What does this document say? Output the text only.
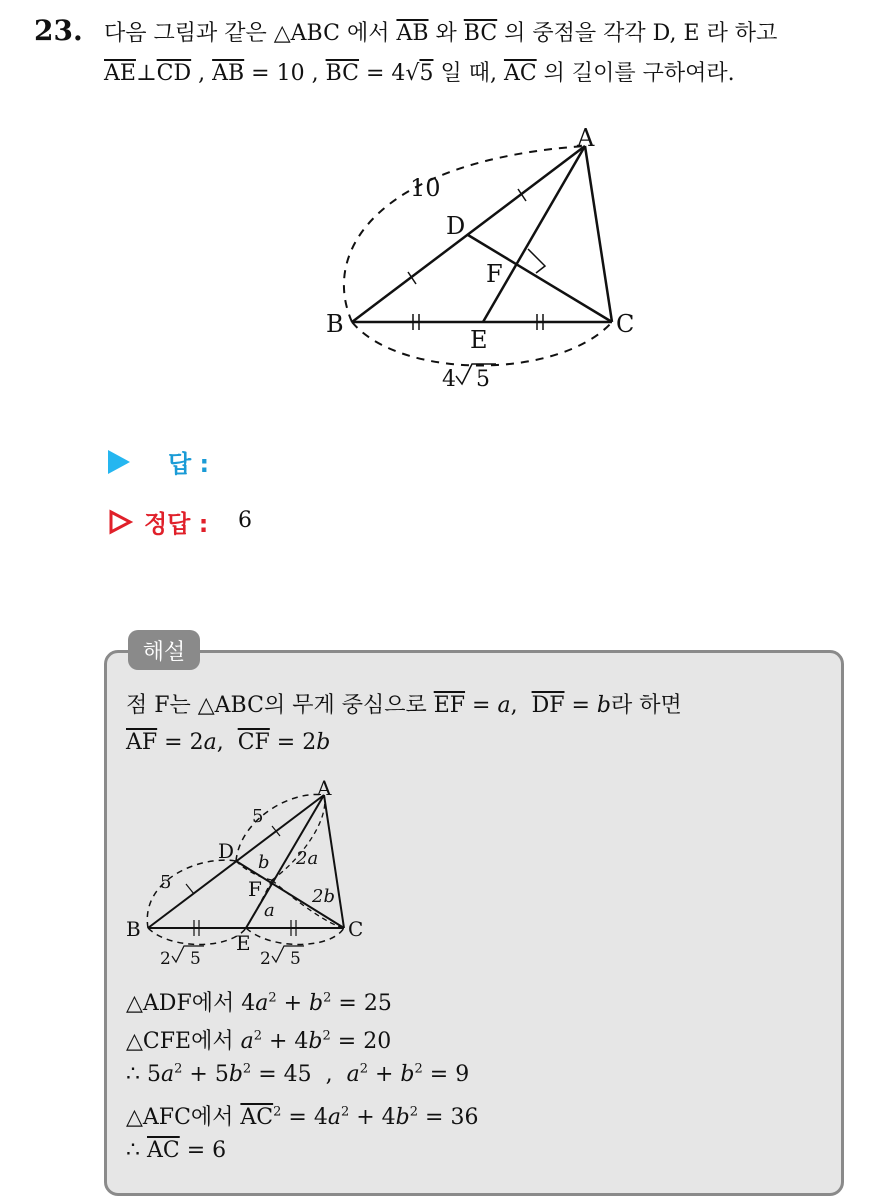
23. 다음 그림과 같은 △ABC 에서 $\overline{AB}$ 와 $\overline{BC}$ 의 중점을 각각 D, E 라 하고
$\overline{AE}\perp\overline{CD}$ , $\overline{AB} = 10$ , $\overline{BC} = 4√5$ 일 때, $\overline{AC}$ 의 길이를 구하여라.
A
B	C
D
E
F
10
4 5
답 :
정답 : 6
해설
점 F는 △ABC의 무게 중심으로 $\overline{EF} = a$,  $\overline{DF} = b$라 하면
$\overline{AF} = 2a$,  $\overline{CF} = 2b$
A
B	C
D
E
F
5
5
b 2a
2b
a
2 5	2 5
△ADF에서 $4a^2 + b^2 = 25$
△CFE에서 $a^2 + 4b^2 = 20$
∴ $5a^2 + 5b^2 = 45$  ,  $a^2 + b^2 = 9$
△AFC에서 $\overline{AC}^2 = 4a^2 + 4b^2 = 36$
∴ $\overline{AC} = 6$
